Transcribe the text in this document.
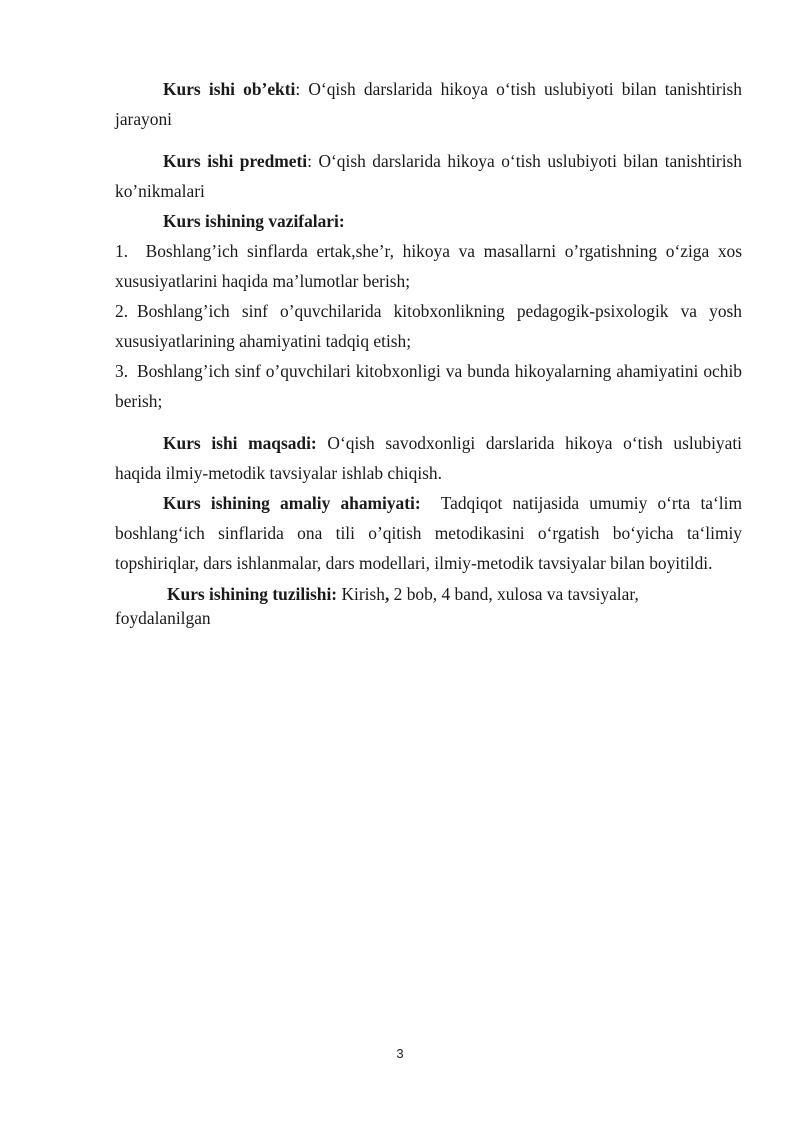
Kurs ishi ob’ekti: O‘qish darslarida hikoya o‘tish uslubiyoti bilan tanishtirish jarayoni

Kurs ishi predmeti: O‘qish darslarida hikoya o‘tish uslubiyoti bilan tanishtirish ko’nikmalari

Kurs ishining vazifalari:

1. Boshlang’ich sinflarda ertak,she’r, hikoya va masallarni o’rgatishning o‘ziga xos xususiyatlarini haqida ma’lumotlar berish;

2. Boshlang’ich sinf o’quvchilarida kitobxonlikning pedagogik-psixologik va yosh xususiyatlarining ahamiyatini tadqiq etish;

3. Boshlang’ich sinf o’quvchilari kitobxonligi va bunda hikoyalarning ahamiyatini ochib berish;

Kurs ishi maqsadi: O‘qish savodxonligi darslarida hikoya o‘tish uslubiyati haqida ilmiy-metodik tavsiyalar ishlab chiqish.

Kurs ishining amaliy ahamiyati: Tadqiqot natijasida umumiy o‘rta ta‘lim boshlang‘ich sinflarida ona tili o’qitish metodikasini o‘rgatish bo‘yicha ta‘limiy topshiriqlar, dars ishlanmalar, dars modellari, ilmiy-metodik tavsiyalar bilan boyitildi.

Kurs ishining tuzilishi: Kirish, 2 bob, 4 band, xulosa va tavsiyalar,

foydalanilgan

3
